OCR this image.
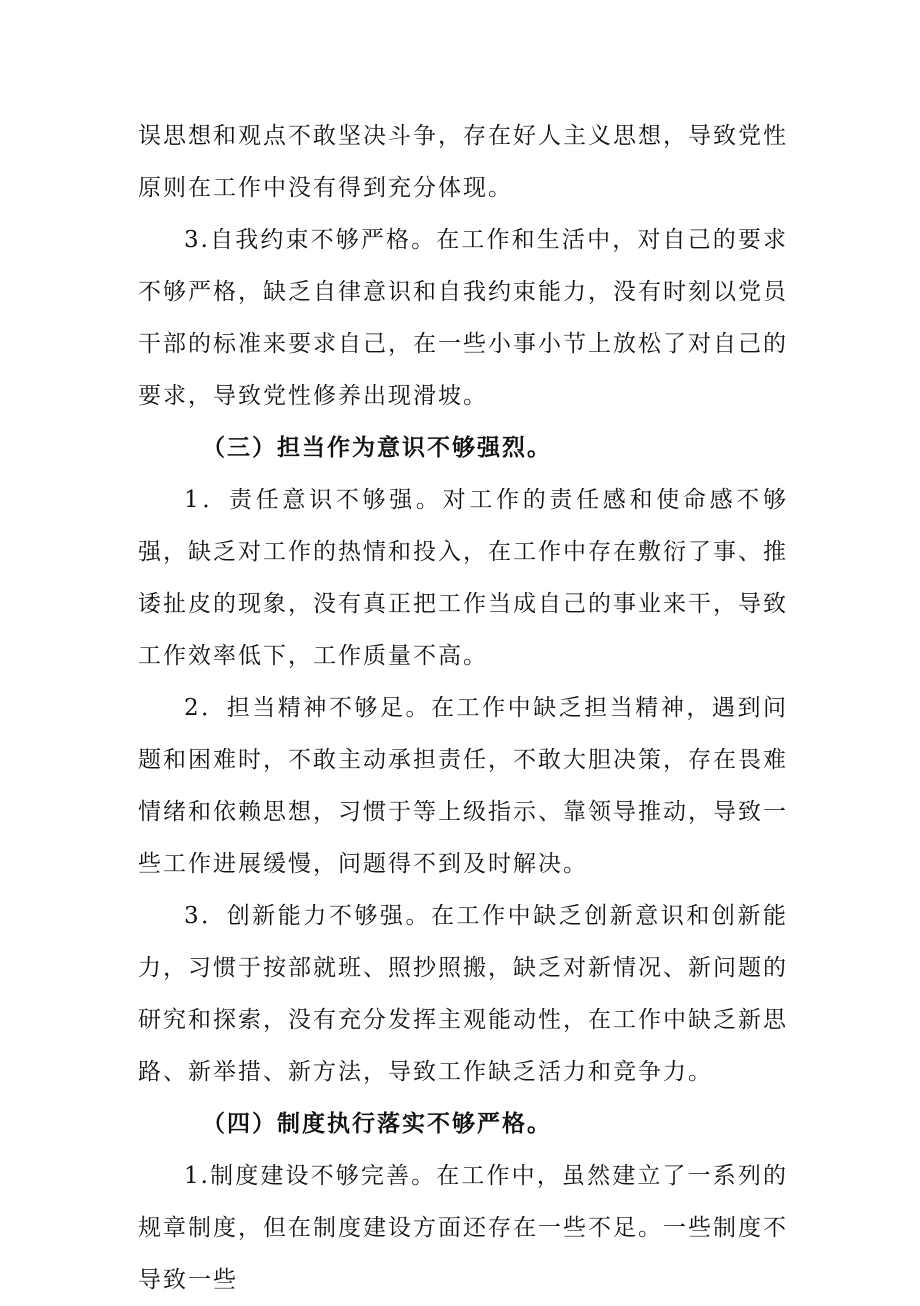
误思想和观点不敢坚决斗争，存在好人主义思想，导致党性原则在工作中没有得到充分体现。

3.自我约束不够严格。在工作和生活中，对自己的要求不够严格，缺乏自律意识和自我约束能力，没有时刻以党员干部的标准来要求自己，在一些小事小节上放松了对自己的要求，导致党性修养出现滑坡。

（三）担当作为意识不够强烈。

1．责任意识不够强。对工作的责任感和使命感不够强，缺乏对工作的热情和投入，在工作中存在敷衍了事、推诿扯皮的现象，没有真正把工作当成自己的事业来干，导致工作效率低下，工作质量不高。

2．担当精神不够足。在工作中缺乏担当精神，遇到问题和困难时，不敢主动承担责任，不敢大胆决策，存在畏难情绪和依赖思想，习惯于等上级指示、靠领导推动，导致一些工作进展缓慢，问题得不到及时解决。

3．创新能力不够强。在工作中缺乏创新意识和创新能力，习惯于按部就班、照抄照搬，缺乏对新情况、新问题的研究和探索，没有充分发挥主观能动性，在工作中缺乏新思路、新举措、新方法，导致工作缺乏活力和竞争力。

（四）制度执行落实不够严格。

1.制度建设不够完善。在工作中，虽然建立了一系列的规章制度，但在制度建设方面还存在一些不足。一些制度不导致一些
